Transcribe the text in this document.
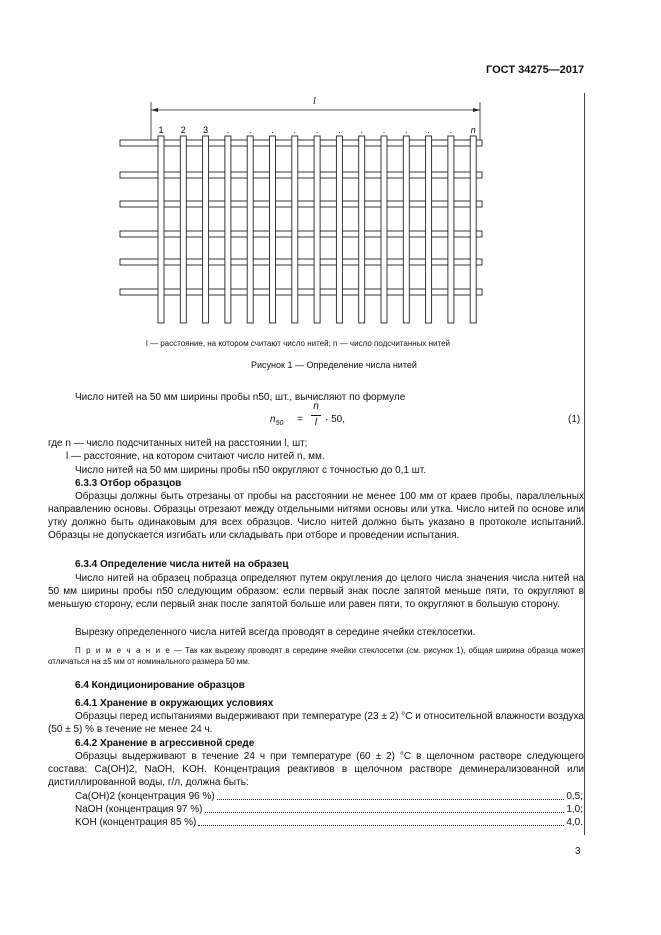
ГОСТ 34275—2017
l
1 2 3 . . . . . . . . . . . n
l — расстояние, на котором считают число нитей; n — число подсчитанных нитей
Рисунок 1 — Определение числа нитей
Число нитей на 50 мм ширины пробы n50, шт., вычисляют по формуле
$n_{50}$ =
n
l · 50,	(1)
где n — число подсчитанных нитей на расстоянии l, шт;
l — расстояние, на котором считают число нитей n, мм.
Число нитей на 50 мм ширины пробы n50 округляют с точностью до 0,1 шт.
6.3.3 Отбор образцов
Образцы должны быть отрезаны от пробы на расстоянии не менее 100 мм от краев пробы, параллельных направлению основы. Образцы отрезают между отдельными нитями основы или утка. Число нитей по основе или утку должно быть одинаковым для всех образцов. Число нитей должно быть указано в протоколе испытаний. Образцы не допускается изгибать или складывать при отборе и проведении испытания.
6.3.4 Определение числа нитей на образец
Число нитей на образец nобразца определяют путем округления до целого числа значения числа нитей на 50 мм ширины пробы n50 следующим образом: если первый знак после запятой меньше пяти, то округляют в меньшую сторону, если первый знак после запятой больше или равен пяти, то округляют в большую сторону.
Вырезку определенного числа нитей всегда проводят в середине ячейки стеклосетки.
П р и м е ч а н и е — Так как вырезку проводят в середине ячейки стеклосетки (см. рисунок 1), общая ширина образца может отличаться на ±5 мм от номинального размера 50 мм.
6.4 Кондиционирование образцов
6.4.1 Хранение в окружающих условиях
Образцы перед испытаниями выдерживают при температуре (23 ± 2) °С и относительной влажности воздуха (50 ± 5) % в течение не менее 24 ч.
6.4.2 Хранение в агрессивной среде
Образцы выдерживают в течение 24 ч при температуре (60 ± 2) °С в щелочном растворе следующего состава: Ca(OH)2, NaOH, KOH. Концентрация реактивов в щелочном растворе деминерализованной или дистиллированной воды, г/л, должна быть:
Ca(OH)2 (концентрация 96 %)	0,5;
NaOH (концентрация 97 %)	1,0;
KOH (концентрация 85 %)	4,0.
3
